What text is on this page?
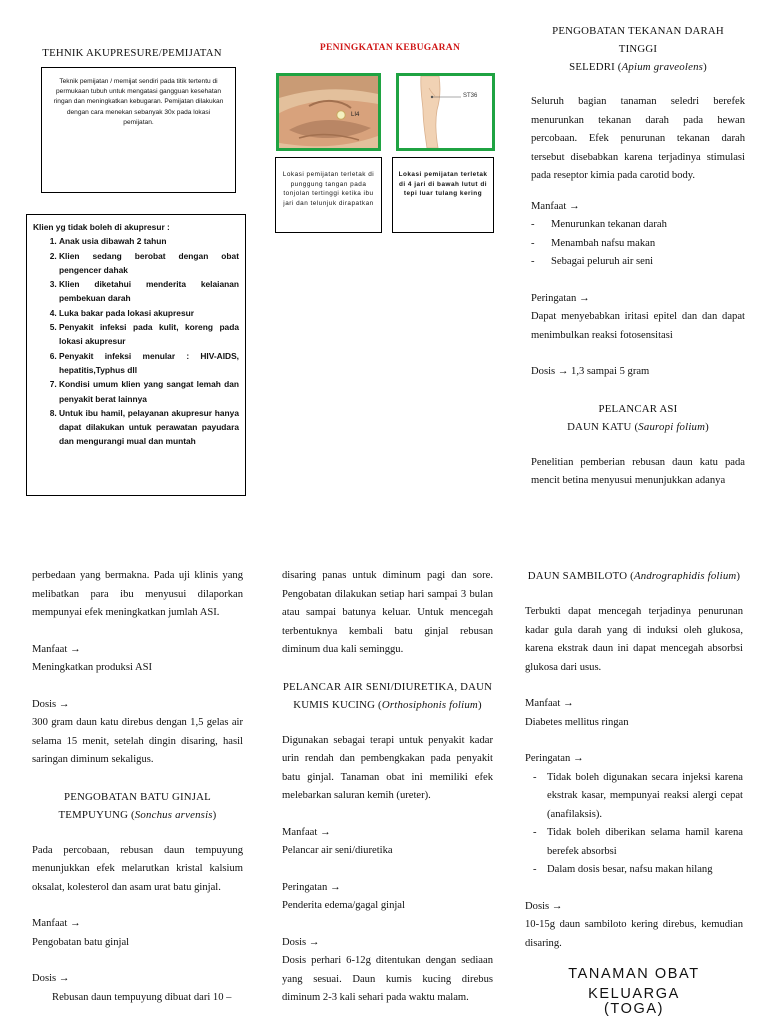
TEHNIK AKUPRESURE/PEMIJATAN
Teknik pemijatan / memijat sendiri pada titik tertentu di permukaan tubuh untuk mengatasi gangguan kesehatan ringan dan meningkatkan kebugaran. Pemijatan dilakukan dengan cara menekan sebanyak 30x pada lokasi pemijatan.
Klien yg tidak boleh di akupresur :
1. Anak usia dibawah 2 tahun
2. Klien sedang berobat dengan obat pengencer dahak
3. Klien diketahui menderita kelaianan pembekuan darah
4. Luka bakar pada lokasi akupresur
5. Penyakit infeksi pada kulit, koreng pada lokasi akupresur
6. Penyakit infeksi menular : HIV-AIDS, hepatitis,Typhus dll
7. Kondisi umum klien yang sangat lemah dan penyakit berat lainnya
8. Untuk ibu hamil, pelayanan akupresur hanya dapat dilakukan untuk perawatan payudara dan mengurangi mual dan muntah
PENINGKATAN KEBUGARAN
LI4
ST36
Lokasi pemijatan terletak di punggung tangan pada tonjolan tertinggi ketika ibu jari dan telunjuk dirapatkan
Lokasi pemijatan terletak di 4 jari di bawah lutut di tepi luar tulang kering
PENGOBATAN TEKANAN DARAH
TINGGI
SELEDRI (Apium graveolens)

Seluruh bagian tanaman seledri berefek menurunkan tekanan darah pada hewan percobaan. Efek penurunan tekanan darah tersebut disebabkan karena terjadinya stimulasi pada reseptor kimia pada carotid body.

Manfaat →

-	Menurunkan tekanan darah
-	Menambah nafsu makan
-	Sebagai peluruh air seni

Peringatan →

Dapat menyebabkan iritasi epitel dan dan dapat menimbulkan reaksi fotosensitasi

Dosis → 1,3 sampai 5 gram

PELANCAR ASI
DAUN KATU (Sauropi folium)

Penelitian pemberian rebusan daun katu pada mencit betina menyusui menunjukkan adanya

perbedaan yang bermakna. Pada uji klinis yang melibatkan para ibu menyusui dilaporkan mempunyai efek meningkatkan jumlah ASI.

Manfaat →

Meningkatkan produksi ASI

Dosis →

300 gram daun katu direbus dengan 1,5 gelas air selama 15 menit, setelah dingin disaring, hasil saringan diminum sekaligus.

PENGOBATAN BATU GINJAL
TEMPUYUNG (Sonchus arvensis)

Pada percobaan, rebusan daun tempuyung menunjukkan efek melarutkan kristal kalsium oksalat, kolesterol dan asam urat batu ginjal.

Manfaat →

Pengobatan batu ginjal

Dosis →

Rebusan daun tempuyung dibuat dari 10 –

disaring panas untuk diminum pagi dan sore. Pengobatan dilakukan setiap hari sampai 3 bulan atau sampai batunya keluar. Untuk mencegah terbentuknya kembali batu ginjal rebusan diminum dua kali seminggu.

PELANCAR AIR SENI/DIURETIKA, DAUN
KUMIS KUCING (Orthosiphonis folium)

Digunakan sebagai terapi untuk penyakit kadar urin rendah dan pembengkakan pada penyakit batu ginjal. Tanaman obat ini memiliki efek melebarkan saluran kemih (ureter).

Manfaat →

Pelancar air seni/diuretika

Peringatan →

Penderita edema/gagal ginjal

Dosis →

Dosis perhari 6-12g ditentukan dengan sediaan yang sesuai. Daun kumis kucing direbus diminum 2-3 kali sehari pada waktu malam.

DAUN SAMBILOTO (Andrographidis folium)

Terbukti dapat mencegah terjadinya penurunan kadar gula darah yang di induksi oleh glukosa, karena ekstrak daun ini dapat mencegah absorbsi glukosa dari usus.

Manfaat →

Diabetes mellitus ringan

Peringatan →

- Tidak boleh digunakan secara injeksi karena ekstrak kasar, mempunyai reaksi alergi cepat (anafilaksis).
- Tidak boleh diberikan selama hamil karena berefek absorbsi
- Dalam dosis besar, nafsu makan hilang

Dosis →

10-15g daun sambiloto kering direbus, kemudian disaring.

TANAMAN OBAT KELUARGA
(TOGA)
